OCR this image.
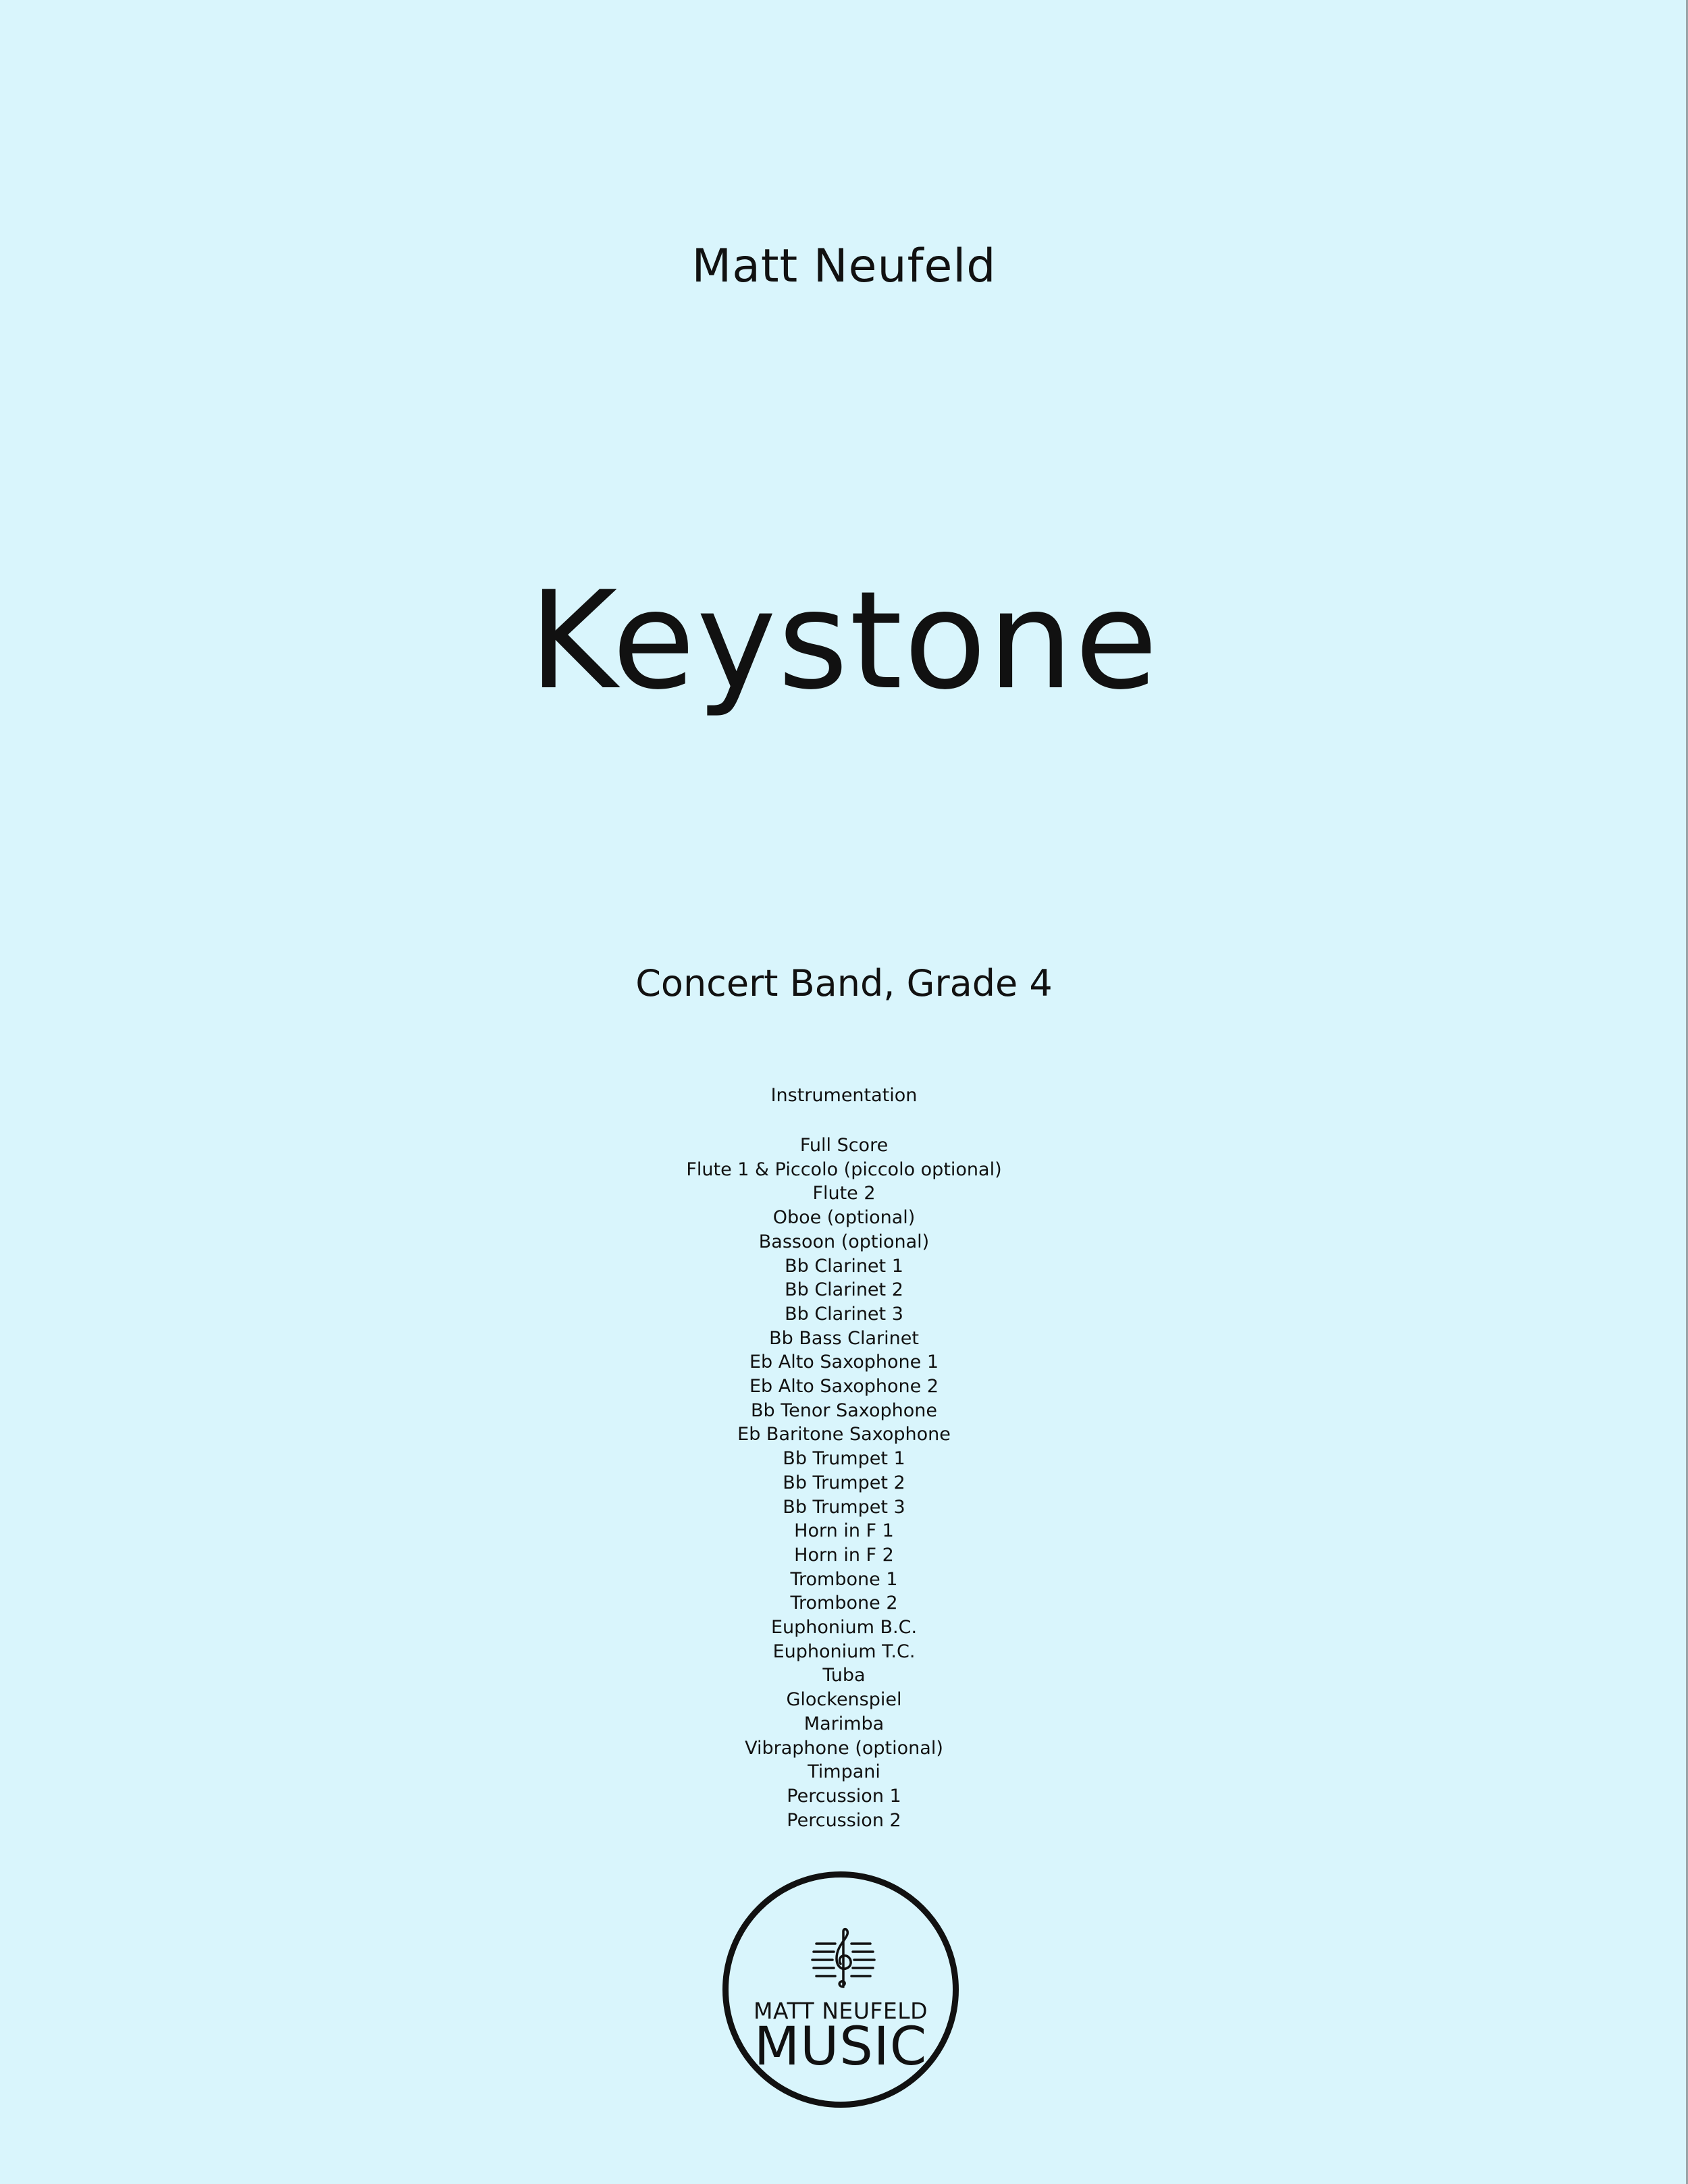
Matt Neufeld
Keystone
Concert Band, Grade 4
Instrumentation
Full Score
Flute 1 & Piccolo (piccolo optional)
Flute 2
Oboe (optional)
Bassoon (optional)
Bb Clarinet 1
Bb Clarinet 2
Bb Clarinet 3
Bb Bass Clarinet
Eb Alto Saxophone 1
Eb Alto Saxophone 2
Bb Tenor Saxophone
Eb Baritone Saxophone
Bb Trumpet 1
Bb Trumpet 2
Bb Trumpet 3
Horn in F 1
Horn in F 2
Trombone 1
Trombone 2
Euphonium B.C.
Euphonium T.C.
Tuba
Glockenspiel
Marimba
Vibraphone (optional)
Timpani
Percussion 1
Percussion 2
MATT NEUFELD
MUSIC
